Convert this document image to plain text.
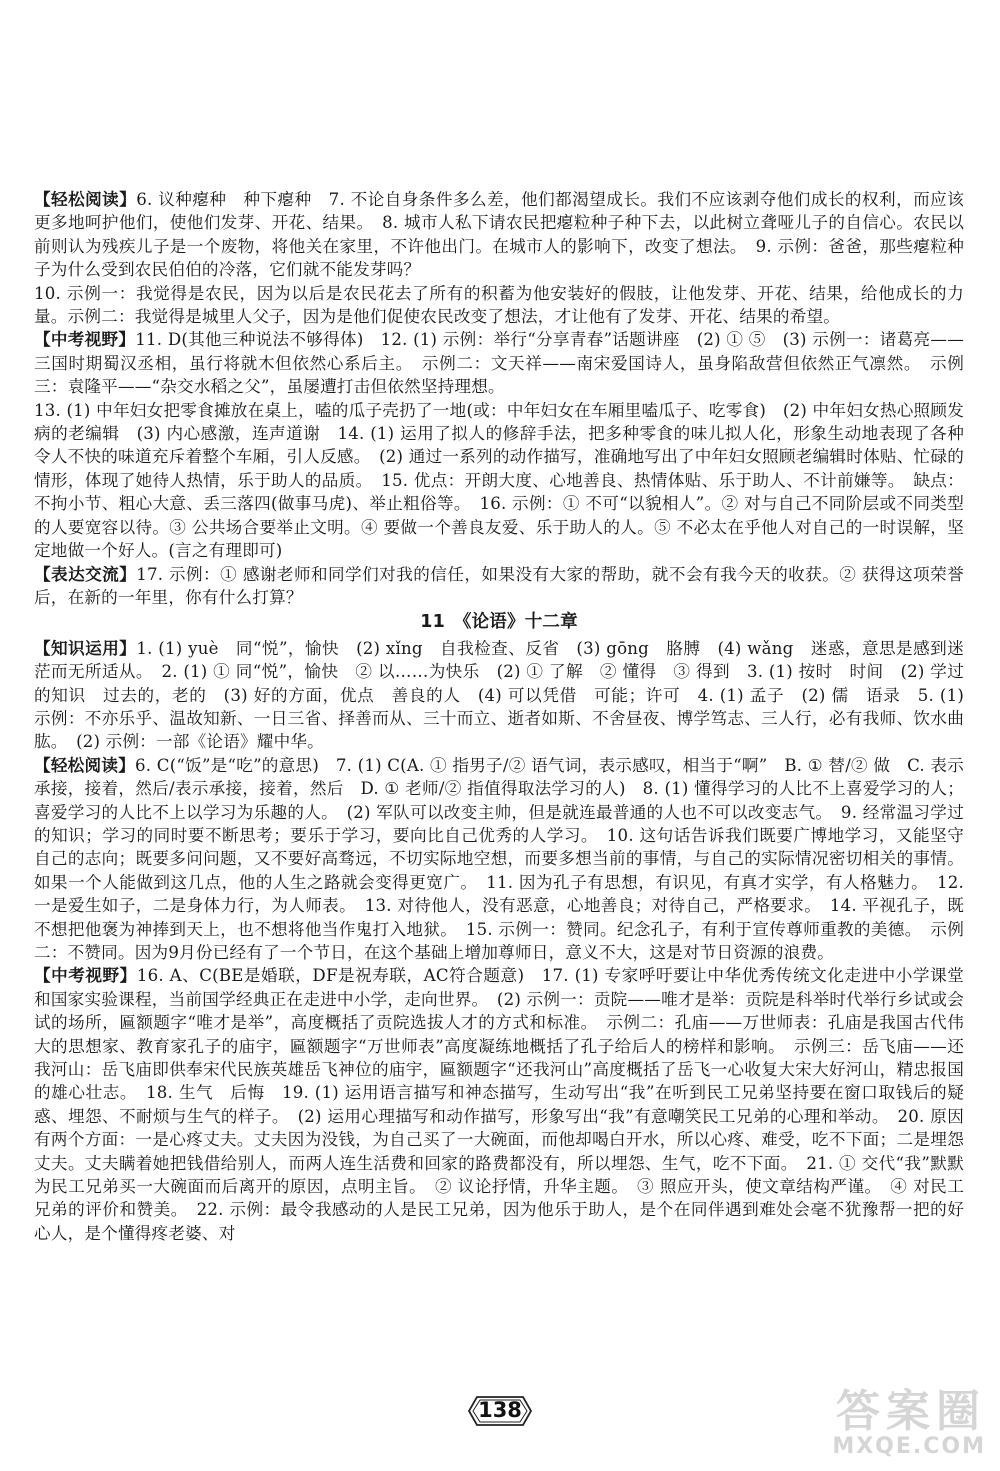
【轻松阅读】6. 议种瘪种　种下瘪种　7. 不论自身条件多么差，他们都渴望成长。我们不应该剥夺他们成长的权利，而应该更多地呵护他们，使他们发芽、开花、结果。　8. 城市人私下请农民把瘪粒种子种下去，以此树立聋哑儿子的自信心。农民以前则认为残疾儿子是一个废物，将他关在家里，不许他出门。在城市人的影响下，改变了想法。　9. 示例：爸爸，那些瘪粒种子为什么受到农民伯伯的冷落，它们就不能发芽吗？

10. 示例一：我觉得是农民，因为以后是农民花去了所有的积蓄为他安装好的假肢，让他发芽、开花、结果，给他成长的力量。示例二：我觉得是城里人父子，因为是他们促使农民改变了想法，才让他有了发芽、开花、结果的希望。

【中考视野】11. D(其他三种说法不够得体)　12. (1) 示例：举行“分享青春”话题讲座　(2) ① ⑤　(3) 示例一：诸葛亮——三国时期蜀汉丞相，虽行将就木但依然心系后主。　示例二：文天祥——南宋爱国诗人，虽身陷敌营但依然正气凛然。　示例三：袁隆平——“杂交水稻之父”，虽屡遭打击但依然坚持理想。

13. (1) 中年妇女把零食摊放在桌上，嗑的瓜子壳扔了一地(或：中年妇女在车厢里嗑瓜子、吃零食)　(2) 中年妇女热心照顾发病的老编辑　(3) 内心感激，连声道谢　14. (1) 运用了拟人的修辞手法，把多种零食的味儿拟人化，形象生动地表现了各种令人不快的味道充斥着整个车厢，引人反感。　(2) 通过一系列的动作描写，准确地写出了中年妇女照顾老编辑时体贴、忙碌的情形，体现了她待人热情，乐于助人的品质。　15. 优点：开朗大度、心地善良、热情体贴、乐于助人、不计前嫌等。　缺点：不拘小节、粗心大意、丢三落四(做事马虎)、举止粗俗等。　16. 示例：① 不可“以貌相人”。② 对与自己不同阶层或不同类型的人要宽容以待。③ 公共场合要举止文明。④ 要做一个善良友爱、乐于助人的人。⑤ 不必太在乎他人对自己的一时误解，坚定地做一个好人。(言之有理即可)

【表达交流】17. 示例：① 感谢老师和同学们对我的信任，如果没有大家的帮助，就不会有我今天的收获。② 获得这项荣誉后，在新的一年里，你有什么打算？

11　《论语》十二章

【知识运用】1. (1) yuè　同“悦”，愉快　(2) xǐng　自我检查、反省　(3) gōng　胳膊　(4) wǎng　迷惑，意思是感到迷茫而无所适从。　2. (1) ① 同“悦”，愉快　② 以……为快乐　(2) ① 了解　② 懂得　③ 得到　3. (1) 按时　时间　(2) 学过的知识　过去的，老的　(3) 好的方面，优点　善良的人　(4) 可以凭借　可能；许可　4. (1) 孟子　(2) 儒　语录　5. (1) 示例：不亦乐乎、温故知新、一日三省、择善而从、三十而立、逝者如斯、不舍昼夜、博学笃志、三人行，必有我师、饮水曲肱。　(2) 示例：一部《论语》耀中华。

【轻松阅读】6. C(“饭”是“吃”的意思)　7. (1) C(A. ① 指男子/② 语气词，表示感叹，相当于“啊”　B. ① 替/② 做　C. 表示承接，接着，然后/表示承接，接着，然后　D. ① 老师/② 指值得取法学习的人)　8. (1) 懂得学习的人比不上喜爱学习的人；喜爱学习的人比不上以学习为乐趣的人。　(2) 军队可以改变主帅，但是就连最普通的人也不可以改变志气。　9. 经常温习学过的知识；学习的同时要不断思考；要乐于学习，要向比自己优秀的人学习。　10. 这句话告诉我们既要广博地学习，又能坚守自己的志向；既要多问问题，又不要好高骛远，不切实际地空想，而要多想当前的事情，与自己的实际情况密切相关的事情。如果一个人能做到这几点，他的人生之路就会变得更宽广。　11. 因为孔子有思想，有识见，有真才实学，有人格魅力。　12. 一是爱生如子，二是身体力行，为人师表。　13. 对待他人，没有恶意，心地善良；对待自己，严格要求。　14. 平视孔子，既不想把他褒为神捧到天上，也不想将他当作鬼打入地狱。　15. 示例一：赞同。纪念孔子，有利于宣传尊师重教的美德。　示例二：不赞同。因为9月份已经有了一个节日，在这个基础上增加尊师日，意义不大，这是对节日资源的浪费。

【中考视野】16. A、C(BE是婚联，DF是祝寿联，AC符合题意)　17. (1) 专家呼吁要让中华优秀传统文化走进中小学课堂和国家实验课程，当前国学经典正在走进中小学，走向世界。　(2) 示例一：贡院——唯才是举：贡院是科举时代举行乡试或会试的场所，匾额题字“唯才是举”，高度概括了贡院选拔人才的方式和标准。　示例二：孔庙——万世师表：孔庙是我国古代伟大的思想家、教育家孔子的庙宇，匾额题字“万世师表”高度凝练地概括了孔子给后人的榜样和影响。　示例三：岳飞庙——还我河山：岳飞庙即供奉宋代民族英雄岳飞神位的庙宇，匾额题字“还我河山”高度概括了岳飞一心收复大宋大好河山，精忠报国的雄心壮志。　18. 生气　后悔　19. (1) 运用语言描写和神态描写，生动写出“我”在听到民工兄弟坚持要在窗口取钱后的疑惑、埋怨、不耐烦与生气的样子。　(2) 运用心理描写和动作描写，形象写出“我”有意嘲笑民工兄弟的心理和举动。　20. 原因有两个方面：一是心疼丈夫。丈夫因为没钱，为自己买了一大碗面，而他却喝白开水，所以心疼、难受，吃不下面；二是埋怨丈夫。丈夫瞒着她把钱借给别人，而两人连生活费和回家的路费都没有，所以埋怨、生气，吃不下面。　21. ① 交代“我”默默为民工兄弟买一大碗面而后离开的原因，点明主旨。　② 议论抒情，升华主题。　③ 照应开头，使文章结构严谨。　④ 对民工兄弟的评价和赞美。　22. 示例：最令我感动的人是民工兄弟，因为他乐于助人，是个在同伴遇到难处会毫不犹豫帮一把的好心人，是个懂得疼老婆、对

138	答案圈
MXQE.COM
